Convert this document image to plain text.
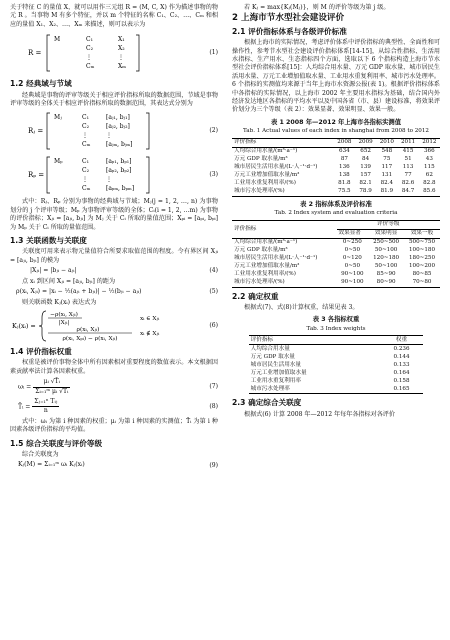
关于特征 C 的量值 X，就可以用作三元组 R = (M, C, X) 作为描述事物的物元 R 。当事物 M 有多个特征，并以 m 个特征的名称 C₁、C₂、…、Cₘ 和相应的量值 X₁、X₂、…、Xₘ 来描述，则可以表示为

R =
M	C₁	X₁
C₂	X₂
⋮	⋮
Cₘ	Xₘ
(1)
1.2 经典域与节域

经典域是事物的评审等级关于相应评价指标所取的数据范围，节域是事物评审等级的全体关于相应评价指标所取的数据范围，其表达式分别为

Rⱼ =
Mⱼ	C₁	[aⱼ₁, bⱼ₁]
C₂	[aⱼ₂, bⱼ₂]
⋮	⋮
Cₘ	[aⱼₘ, bⱼₘ]
(2)
Rₚ =
Mₚ	C₁	[aₚ₁, bₚ₁]
C₂	[aₚ₂, bₚ₂]
⋮	⋮
Cₘ	[aₚₘ, bₚₘ]
(3)

式中：Rⱼ、Rₚ 分别为事物的经典域与节域；Mⱼ(j = 1, 2, …, n) 为事物划分的 j 个评审等级；Mₚ 为事物评审等级的全体；Cᵢ(i = 1, 2, …m) 为事物的评价指标；Xⱼᵢ = [aⱼᵢ, bⱼᵢ] 为 Mⱼ 关于 Cᵢ 所取的量值范围；Xₚᵢ = [aₚᵢ, bₚᵢ] 为 Mₚ 关于 Cᵢ 所取的量值范围。

1.3 关联函数与关联度

关联度可用来表示物元量值符合所要求取值范围的程度。令有界区间 Xⱼᵢ = [aⱼᵢ, bⱼᵢ] 的模为

|Xⱼᵢ| = |bⱼᵢ − aⱼᵢ|	(4)

点 xᵢ 到区间 Xⱼᵢ = [aⱼᵢ, bⱼᵢ] 的距为

ρ(xᵢ, Xⱼᵢ) = |xᵢ − ½(aⱼᵢ + bⱼᵢ)| − ½(bⱼᵢ − aⱼᵢ)	(5)

则关联函数 Kⱼ(xᵢ) 表达式为

Kⱼ(xᵢ) =
−ρ(xᵢ, Xⱼᵢ)
|Xⱼᵢ|
xᵢ ∈ Xⱼᵢ
ρ(xᵢ, Xⱼᵢ)
ρ(xᵢ, Xₚᵢ) − ρ(xᵢ, Xⱼᵢ)
xᵢ ∉ Xⱼᵢ
(6)
1.4 评价指标权重

权重是被评价事物全体中所有因素相对重要程度的数值表示。本文根据因素贡献率法计算各因素权重。

ωᵢ = $\frac{\text{μᵢ √T̄ᵢ}}{\text{Σᵢ₌₁ᵐ μᵢ √T̄ᵢ}}$	(7)
T̄ᵢ = $\frac{\text{Σⱼ₌₁ⁿ Tᵢⱼ}}{n}$	(8)

式中：ωᵢ 为第 i 种因素的权重；μᵢ 为第 i 种因素的实测值；T̄ᵢ 为第 i 种因素各级评价指标的平均值。

1.5 综合关联度与评价等级

综合关联度为

Kⱼ(M) = Σᵢ₌₁ᵐ ωᵢ Kⱼ(xᵢ)	(9)

若 Kⱼ = max{Kⱼ(Mⱼ)}，则 M 的评价等级为第 j 级。

2 上海市节水型社会建设评价
2.1 评价指标体系与各级评价标准

根据上海市的实际情况，考虑评价体系中评价指标的典型性、全面性和可操作性，参考节水型社会建设评价指标体系[14-15]，从综合性指标、生活用水指标、生产用水、生态指标四个方面，选取以下 6 个指标构造上海市节水型社会评价指标体系[15]：人均综合用水量、万元 GDP 取水量、城市居民生活用水量、万元工业增加值取水量、工业用水重复利用率、城市污水处理率。6 个指标的实测值均来源于当年上海市水资源公报(表 1)。根据评价指标体系中各指标的实际情况，以上海市 2002 年主要用水指标为基础，结合国内外经济发达地区各指标的平均水平以及中国各省（市、县）建设标准，将效果评价划分为三个等级（表 2）：效果显著、效果明显、效果一般。

表 1 2008 年—2012 年上海市各指标实测值
Tab. 1 Actual values of each index in shanghai from 2008 to 2012
评价指标	2008	2009	2010	2011	2012
人均综合用水量/(m³·a⁻¹)	634	652	548	415	366
万元 GDP 取水量/m³	87	84	75	51	43
城市居民生活用水量/(L·人⁻¹·d⁻¹)	136	139	117	113	115
万元工业增加值取水量/m³	138	157	131	77	62
工业用水重复利用率/(%)	81.8	82.1	82.4	82.6	82.8
城市污水处理率/(%)	75.5	78.9	81.9	84.7	85.6
表 2 指标体系及评价标准
Tab. 2 Index system and evaluation criteria
评价指标	评价等级		
	效果显著	效果明显	效果一般
人均综合用水量/(m³·a⁻¹)	0~250	250~500	500~750
万元 GDP 取水量/m³	0~50	50~100	100~180
城市居民生活用水量/(L·人⁻¹·d⁻¹)	0~120	120~180	180~250
万元工业增加值取水量/m³	0~50	50~100	100~200
工业用水重复利用率/(%)	90~100	85~90	80~85
城市污水处理率/(%)	90~100	80~90	70~80
2.2 确定权重

根据式(7)、式(8)计算权重，结果见表 3。

表 3 各指标权重
Tab. 3 Index weights
评价指标	权重
人均综合用水量	0.236
万元 GDP 取水量	0.144
城市居民生活用水量	0.133
万元工业增加值取水量	0.164
工业用水重复利用率	0.158
城市污水处理率	0.165
2.3 确定综合关联度

根据式(6) 计算 2008 年—2012 年每年各指标对各评价
